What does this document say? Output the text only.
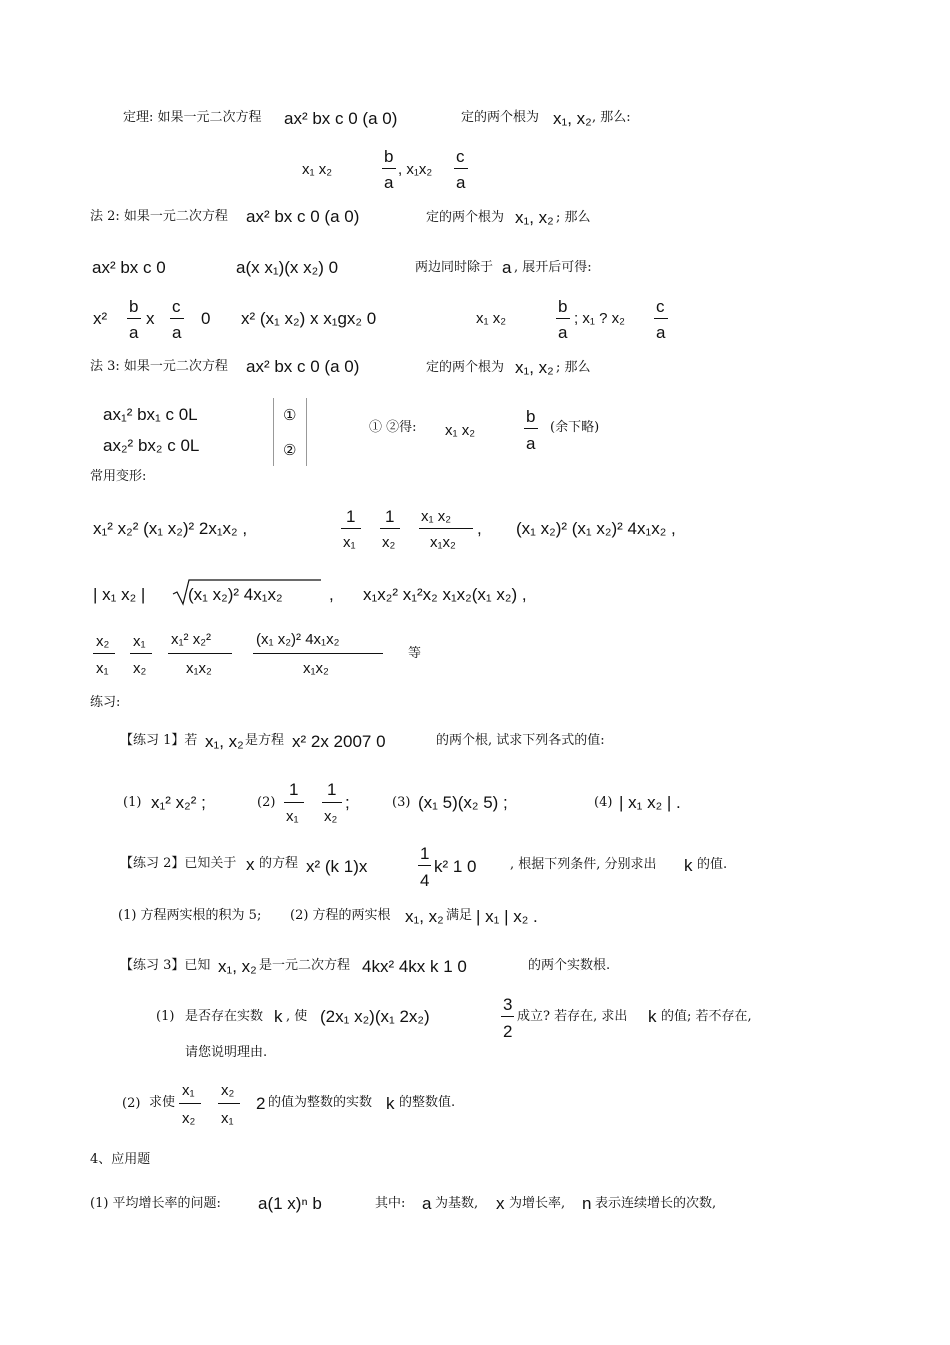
定理: 如果一元二次方程 ax² bx c 0 (a 0)	定的两个根为 x₁, x₂ , 那么:
x₁ x₂
b
a
, x₁x₂
c
a
法 2: 如果一元二次方程 ax² bx c 0 (a 0)	定的两个根为 x₁, x₂ ; 那么
ax² bx c 0	a(x x₁)(x x₂) 0	两边同时除于 a , 展开后可得:
x²
b
a
x
c
a
0 x² (x₁ x₂) x x₁gx₂ 0	x₁ x₂
b
a
; x₁ ? x₂
c
a
法 3: 如果一元二次方程 ax² bx c 0 (a 0)	定的两个根为 x₁, x₂ ; 那么
ax₁² bx₁ c 0L
ax₂² bx₂ c 0L
①
②
① ②得: x₁ x₂
b
a
(余下略)
常用变形:
x₁² x₂² (x₁ x₂)² 2x₁x₂ ,
1
x₁
1
x₂
x₁ x₂
x₁x₂
, (x₁ x₂)² (x₁ x₂)² 4x₁x₂ ,
| x₁ x₂ |	(x₁ x₂)² 4x₁x₂	, x₁x₂² x₁²x₂ x₁x₂(x₁ x₂) ,
x₂
x₁
x₁
x₂
x₁² x₂²
x₁x₂
(x₁ x₂)² 4x₁x₂
x₁x₂
等
练习:
【练习 1】若 x₁, x₂ 是方程 x² 2x 2007 0	的两个根, 试求下列各式的值:
(1) x₁² x₂² ;	(2)
1
x₁
1
x₂
;	(3) (x₁ 5)(x₂ 5) ;	(4) | x₁ x₂ | .
【练习 2】已知关于 x 的方程 x² (k 1)x
1
4
k² 1 0	, 根据下列条件, 分别求出 k 的值.
(1) 方程两实根的积为 5; (2) 方程的两实根 x₁, x₂ 满足 | x₁ | x₂ .
【练习 3】已知 x₁, x₂ 是一元二次方程 4kx² 4kx k 1 0	的两个实数根.
(1) 是否存在实数 k , 使 (2x₁ x₂)(x₁ 2x₂)
3
2
成立? 若存在, 求出 k 的值; 若不存在,
请您说明理由.
(2) 求使
x₁
x₂
x₂
x₁
2 的值为整数的实数 k 的整数值.
4、应用题
(1) 平均增长率的问题: a(1 x)ⁿ b	其中: a 为基数, x 为增长率, n 表示连续增长的次数,
